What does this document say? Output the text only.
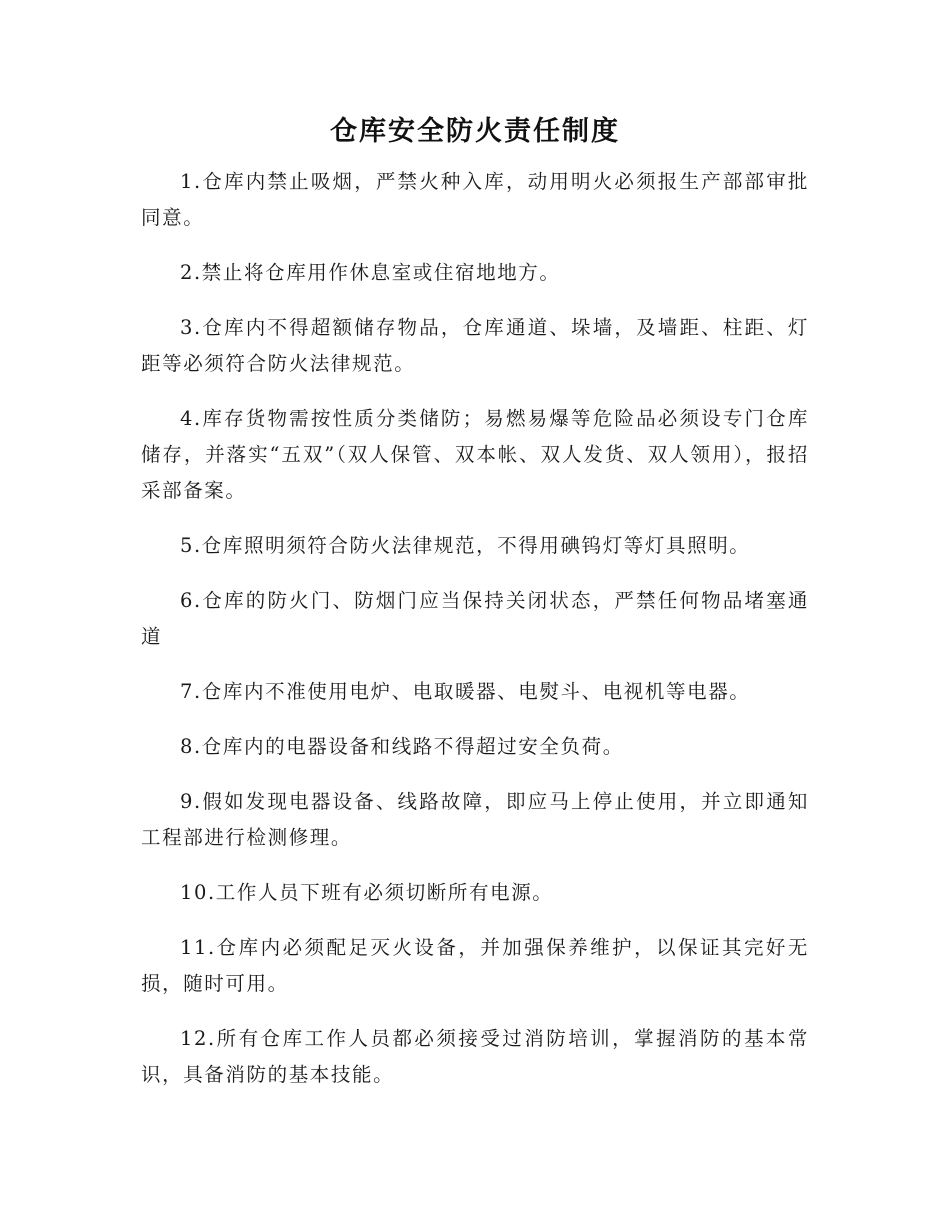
仓库安全防火责任制度

1.仓库内禁止吸烟，严禁火种入库，动用明火必须报生产部部审批同意。

2.禁止将仓库用作休息室或住宿地地方。

3.仓库内不得超额储存物品，仓库通道、垛墙，及墙距、柱距、灯距等必须符合防火法律规范。

4.库存货物需按性质分类储防；易燃易爆等危险品必须设专门仓库储存，并落实“五双”（双人保管、双本帐、双人发货、双人领用），报招采部备案。

5.仓库照明须符合防火法律规范，不得用碘钨灯等灯具照明。

6.仓库的防火门、防烟门应当保持关闭状态，严禁任何物品堵塞通道

7.仓库内不准使用电炉、电取暖器、电熨斗、电视机等电器。

8.仓库内的电器设备和线路不得超过安全负荷。

9.假如发现电器设备、线路故障，即应马上停止使用，并立即通知工程部进行检测修理。

10.工作人员下班有必须切断所有电源。

11.仓库内必须配足灭火设备，并加强保养维护，以保证其完好无损，随时可用。

12.所有仓库工作人员都必须接受过消防培训，掌握消防的基本常识，具备消防的基本技能。
